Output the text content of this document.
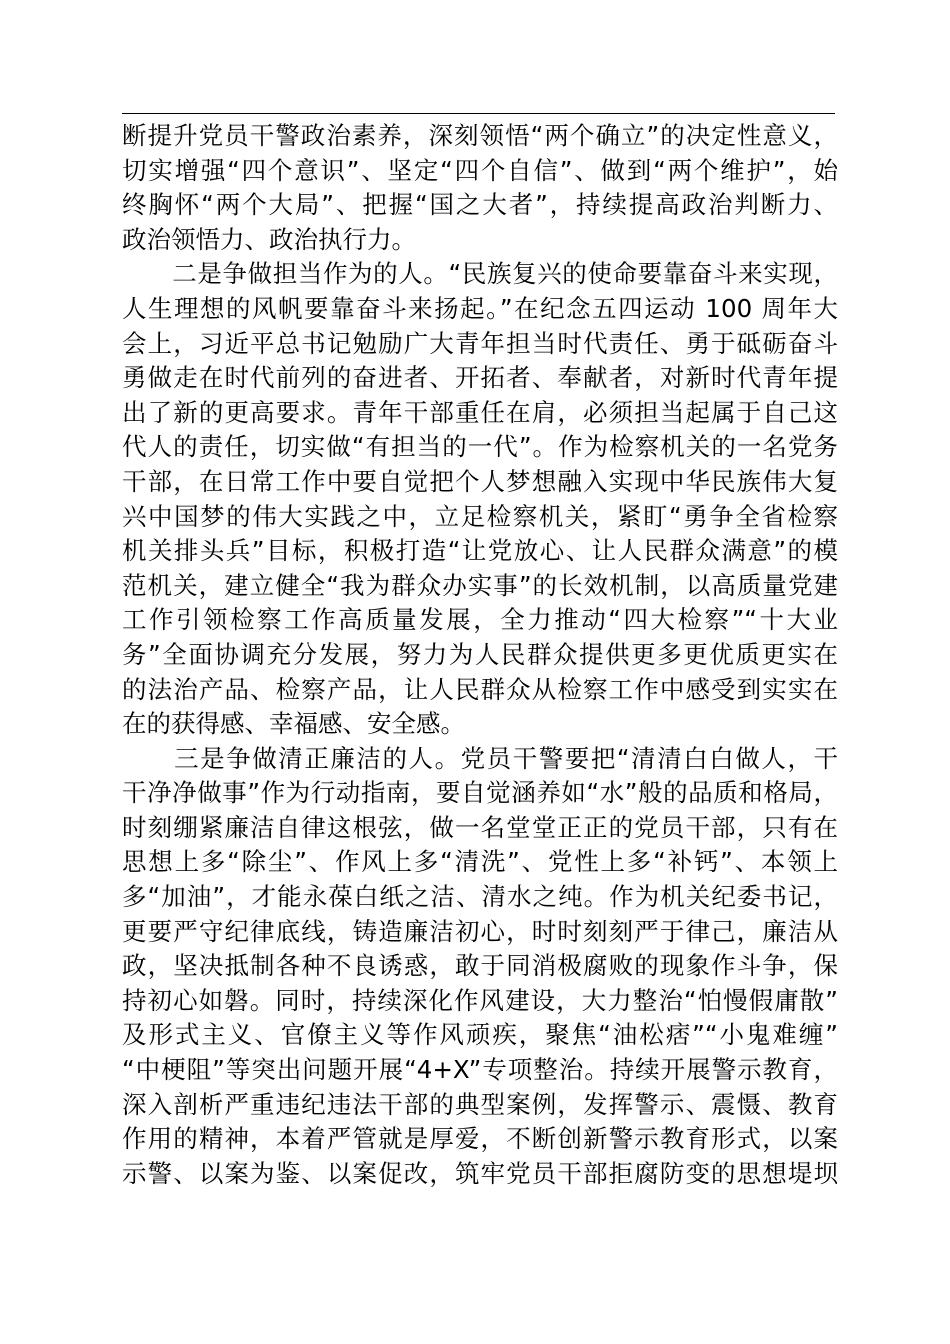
断提升党员干警政治素养，深刻领悟“两个确立”的决定性意义，
切实增强“四个意识”、坚定“四个自信”、做到“两个维护”，始
终胸怀“两个大局”、把握“国之大者”，持续提高政治判断力、
政治领悟力、政治执行力。
　　二是争做担当作为的人。“民族复兴的使命要靠奋斗来实现，
人生理想的风帆要靠奋斗来扬起。”在纪念五四运动 100 周年大
会上，习近平总书记勉励广大青年担当时代责任、勇于砥砺奋斗
勇做走在时代前列的奋进者、开拓者、奉献者，对新时代青年提
出了新的更高要求。青年干部重任在肩，必须担当起属于自己这
代人的责任，切实做“有担当的一代”。作为检察机关的一名党务
干部，在日常工作中要自觉把个人梦想融入实现中华民族伟大复
兴中国梦的伟大实践之中，立足检察机关，紧盯“勇争全省检察
机关排头兵”目标，积极打造“让党放心、让人民群众满意”的模
范机关，建立健全“我为群众办实事”的长效机制，以高质量党建
工作引领检察工作高质量发展，全力推动“四大检察”“十大业
务”全面协调充分发展，努力为人民群众提供更多更优质更实在
的法治产品、检察产品，让人民群众从检察工作中感受到实实在
在的获得感、幸福感、安全感。
　　三是争做清正廉洁的人。党员干警要把“清清白白做人，干
干净净做事”作为行动指南，要自觉涵养如“水”般的品质和格局，
时刻绷紧廉洁自律这根弦，做一名堂堂正正的党员干部，只有在
思想上多“除尘”、作风上多“清洗”、党性上多“补钙”、本领上
多“加油”，才能永葆白纸之洁、清水之纯。作为机关纪委书记，
更要严守纪律底线，铸造廉洁初心，时时刻刻严于律己，廉洁从
政，坚决抵制各种不良诱惑，敢于同消极腐败的现象作斗争，保
持初心如磐。同时，持续深化作风建设，大力整治“怕慢假庸散”
及形式主义、官僚主义等作风顽疾，聚焦“油松痞”“小鬼难缠”
“中梗阻”等突出问题开展“4+X”专项整治。持续开展警示教育，
深入剖析严重违纪违法干部的典型案例，发挥警示、震慑、教育
作用的精神，本着严管就是厚爱，不断创新警示教育形式，以案
示警、以案为鉴、以案促改，筑牢党员干部拒腐防变的思想堤坝
